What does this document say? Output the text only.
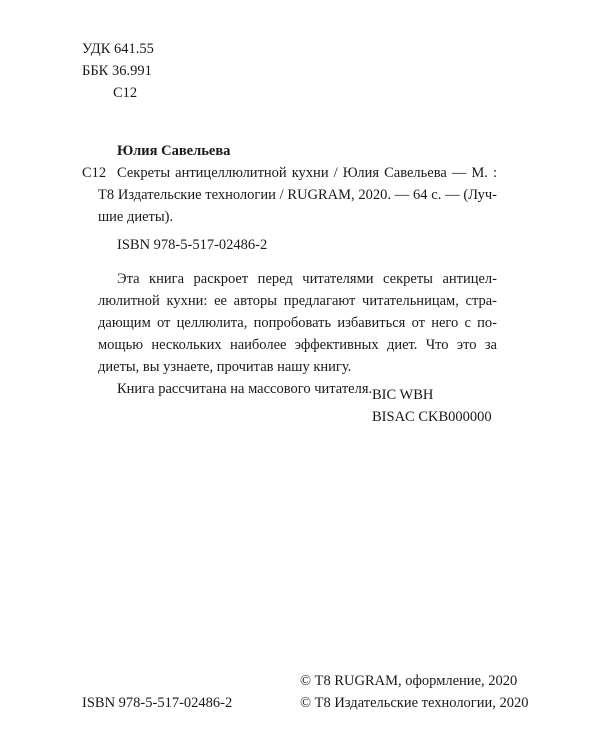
УДК 641.55
ББК 36.991
С12
Юлия Савельева
С12 Секреты антицеллюлитной кухни / Юлия Савельева — М. :
Т8 Издательские технологии / RUGRAM, 2020. — 64 с. — (Луч-
шие диеты).
ISBN 978-5-517-02486-2
Эта книга раскроет перед читателями секреты антицел-
люлитной кухни: ее авторы предлагают читательницам, стра-
дающим от целлюлита, попробовать избавиться от него с по-
мощью нескольких наиболее эффективных диет. Что это за
диеты, вы узнаете, прочитав нашу книгу.
Книга рассчитана на массового читателя. BIC WBH
BISAC CKB000000
© Т8 RUGRAM, оформление, 2020
ISBN 978-5-517-02486-2	© Т8 Издательские технологии, 2020
